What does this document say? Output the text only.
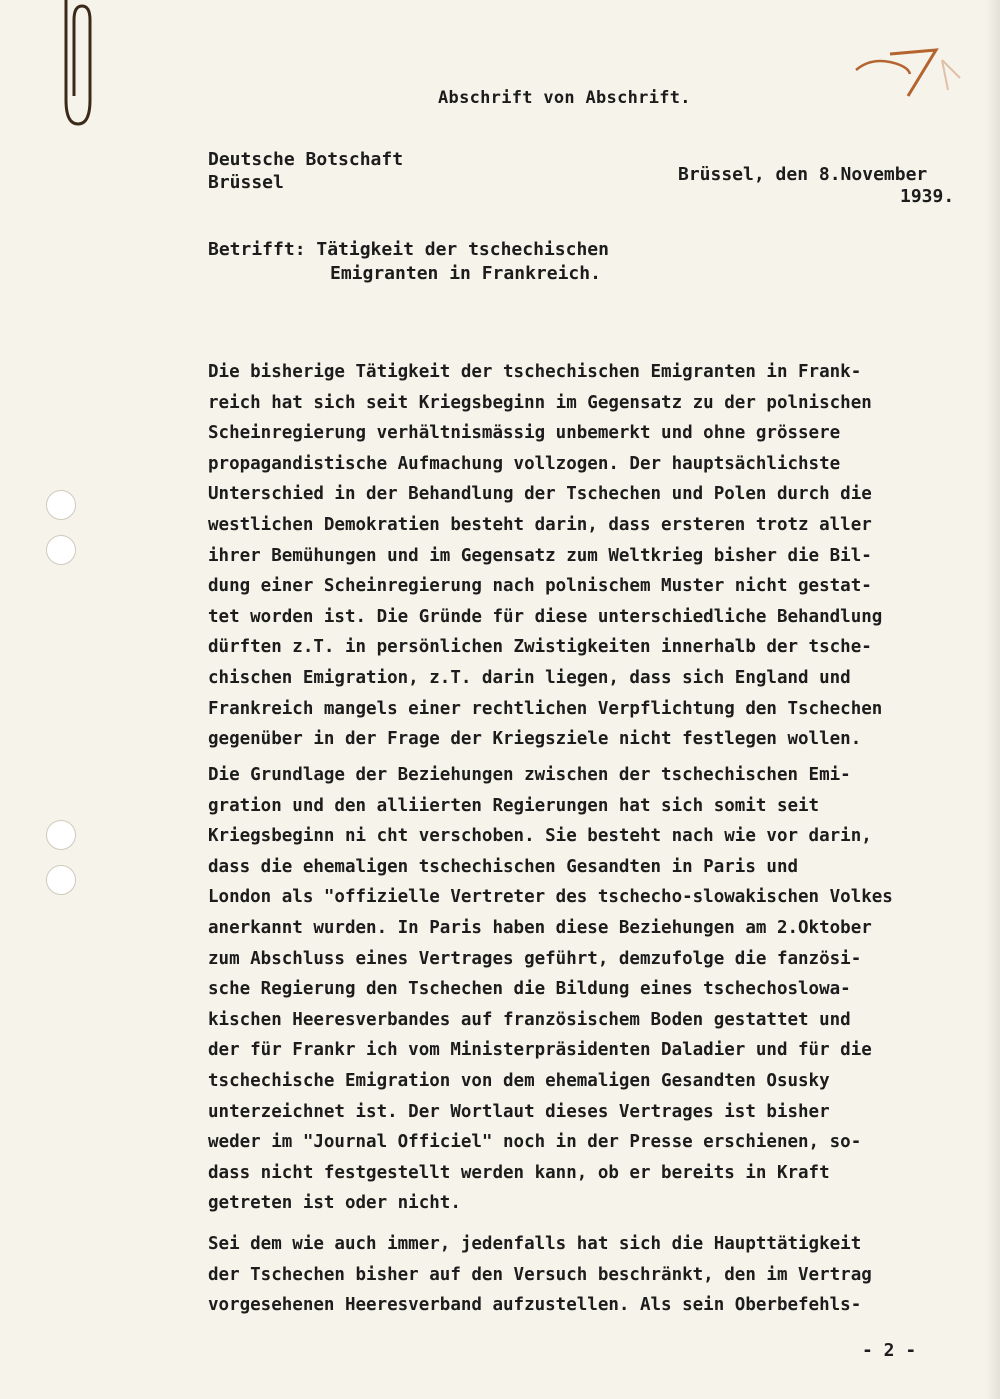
Abschrift von Abschrift.
Deutsche Botschaft
Brüssel	Brüssel, den 8.November
1939.
Betrifft: Tätigkeit der tschechischen
Emigranten in Frankreich.
Die bisherige Tätigkeit der tschechischen Emigranten in Frank-
reich hat sich seit Kriegsbeginn im Gegensatz zu der polnischen
Scheinregierung verhältnismässig unbemerkt und ohne grössere
propagandistische Aufmachung vollzogen. Der hauptsächlichste
Unterschied in der Behandlung der Tschechen und Polen durch die
westlichen Demokratien besteht darin, dass ersteren trotz aller
ihrer Bemühungen und im Gegensatz zum Weltkrieg bisher die Bil-
dung einer Scheinregierung nach polnischem Muster nicht gestat-
tet worden ist. Die Gründe für diese unterschiedliche Behandlung
dürften z.T. in persönlichen Zwistigkeiten innerhalb der tsche-
chischen Emigration, z.T. darin liegen, dass sich England und
Frankreich mangels einer rechtlichen Verpflichtung den Tschechen
gegenüber in der Frage der Kriegsziele nicht festlegen wollen.
Die Grundlage der Beziehungen zwischen der tschechischen Emi-
gration und den alliierten Regierungen hat sich somit seit
Kriegsbeginn ni cht verschoben. Sie besteht nach wie vor darin,
dass die ehemaligen tschechischen Gesandten in Paris und
London als "offizielle Vertreter des tschecho-slowakischen Volkes
anerkannt wurden. In Paris haben diese Beziehungen am 2.Oktober
zum Abschluss eines Vertrages geführt, demzufolge die fanzösi-
sche Regierung den Tschechen die Bildung eines tschechoslowa-
kischen Heeresverbandes auf französischem Boden gestattet und
der für Frankr ich vom Ministerpräsidenten Daladier und für die
tschechische Emigration von dem ehemaligen Gesandten Osusky
unterzeichnet ist. Der Wortlaut dieses Vertrages ist bisher
weder im "Journal Officiel" noch in der Presse erschienen, so-
dass nicht festgestellt werden kann, ob er bereits in Kraft
getreten ist oder nicht.
Sei dem wie auch immer, jedenfalls hat sich die Haupttätigkeit
der Tschechen bisher auf den Versuch beschränkt, den im Vertrag
vorgesehenen Heeresverband aufzustellen. Als sein Oberbefehls-
- 2 -
